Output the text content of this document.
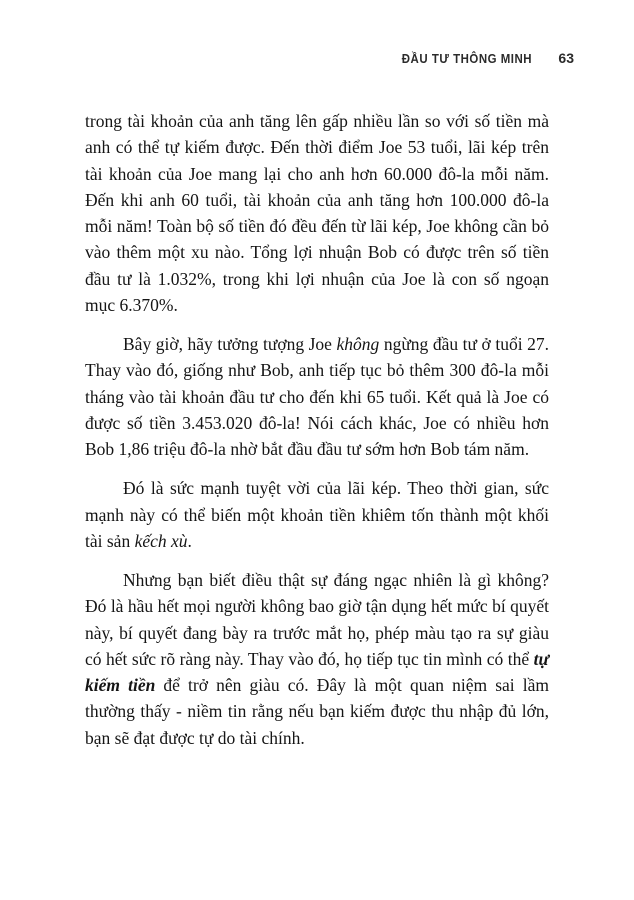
ĐẦU TƯ THÔNG MINH 63

trong tài khoản của anh tăng lên gấp nhiều lần so với số tiền mà anh có thể tự kiếm được. Đến thời điểm Joe 53 tuổi, lãi kép trên tài khoản của Joe mang lại cho anh hơn 60.000 đô-la mỗi năm. Đến khi anh 60 tuổi, tài khoản của anh tăng hơn 100.000 đô-la mỗi năm! Toàn bộ số tiền đó đều đến từ lãi kép, Joe không cần bỏ vào thêm một xu nào. Tổng lợi nhuận Bob có được trên số tiền đầu tư là 1.032%, trong khi lợi nhuận của Joe là con số ngoạn mục 6.370%.

Bây giờ, hãy tưởng tượng Joe không ngừng đầu tư ở tuổi 27. Thay vào đó, giống như Bob, anh tiếp tục bỏ thêm 300 đô-la mỗi tháng vào tài khoản đầu tư cho đến khi 65 tuổi. Kết quả là Joe có được số tiền 3.453.020 đô-la! Nói cách khác, Joe có nhiều hơn Bob 1,86 triệu đô-la nhờ bắt đầu đầu tư sớm hơn Bob tám năm.

Đó là sức mạnh tuyệt vời của lãi kép. Theo thời gian, sức mạnh này có thể biến một khoản tiền khiêm tốn thành một khối tài sản kếch xù.

Nhưng bạn biết điều thật sự đáng ngạc nhiên là gì không? Đó là hầu hết mọi người không bao giờ tận dụng hết mức bí quyết này, bí quyết đang bày ra trước mắt họ, phép màu tạo ra sự giàu có hết sức rõ ràng này. Thay vào đó, họ tiếp tục tin mình có thể tự kiếm tiền để trở nên giàu có. Đây là một quan niệm sai lầm thường thấy - niềm tin rằng nếu bạn kiếm được thu nhập đủ lớn, bạn sẽ đạt được tự do tài chính.
